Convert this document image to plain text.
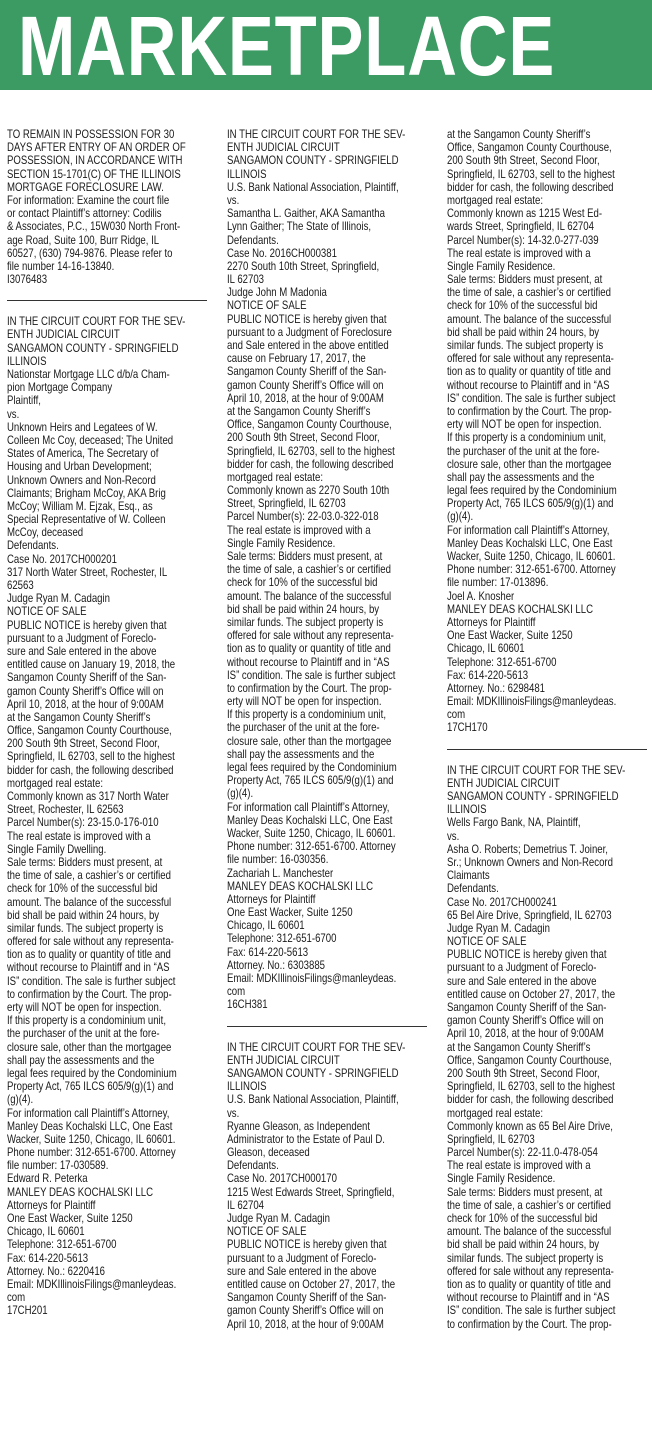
MARKETPLACE
TO REMAIN IN POSSESSION FOR 30
DAYS AFTER ENTRY OF AN ORDER OF
POSSESSION, IN ACCORDANCE WITH
SECTION 15-1701(C) OF THE ILLINOIS
MORTGAGE FORECLOSURE LAW.
For information: Examine the court file
or contact Plaintiff’s attorney: Codilis
& Associates, P.C., 15W030 North Front-
age Road, Suite 100, Burr Ridge, IL
60527, (630) 794-9876. Please refer to
file number 14-16-13840.
I3076483
IN THE CIRCUIT COURT FOR THE SEV-
ENTH JUDICIAL CIRCUIT
SANGAMON COUNTY - SPRINGFIELD
ILLINOIS
Nationstar Mortgage LLC d/b/a Cham-
pion Mortgage Company
Plaintiff,
vs.
Unknown Heirs and Legatees of W.
Colleen Mc Coy, deceased; The United
States of America, The Secretary of
Housing and Urban Development;
Unknown Owners and Non-Record
Claimants; Brigham McCoy, AKA Brig
McCoy; William M. Ejzak, Esq., as
Special Representative of W. Colleen
McCoy, deceased
Defendants.
Case No. 2017CH000201
317 North Water Street, Rochester, IL
62563
Judge Ryan M. Cadagin
NOTICE OF SALE
PUBLIC NOTICE is hereby given that
pursuant to a Judgment of Foreclo-
sure and Sale entered in the above
entitled cause on January 19, 2018, the
Sangamon County Sheriff of the San-
gamon County Sheriff’s Office will on
April 10, 2018, at the hour of 9:00AM
at the Sangamon County Sheriff’s
Office, Sangamon County Courthouse,
200 South 9th Street, Second Floor,
Springfield, IL 62703, sell to the highest
bidder for cash, the following described
mortgaged real estate:
Commonly known as 317 North Water
Street, Rochester, IL 62563
Parcel Number(s): 23-15.0-176-010
The real estate is improved with a
Single Family Dwelling.
Sale terms: Bidders must present, at
the time of sale, a cashier’s or certified
check for 10% of the successful bid
amount. The balance of the successful
bid shall be paid within 24 hours, by
similar funds. The subject property is
offered for sale without any representa-
tion as to quality or quantity of title and
without recourse to Plaintiff and in “AS
IS” condition. The sale is further subject
to confirmation by the Court. The prop-
erty will NOT be open for inspection.
If this property is a condominium unit,
the purchaser of the unit at the fore-
closure sale, other than the mortgagee
shall pay the assessments and the
legal fees required by the Condominium
Property Act, 765 ILCS 605/9(g)(1) and
(g)(4).
For information call Plaintiff’s Attorney,
Manley Deas Kochalski LLC, One East
Wacker, Suite 1250, Chicago, IL 60601.
Phone number: 312-651-6700. Attorney
file number: 17-030589.
Edward R. Peterka
MANLEY DEAS KOCHALSKI LLC
Attorneys for Plaintiff
One East Wacker, Suite 1250
Chicago, IL 60601
Telephone: 312-651-6700
Fax: 614-220-5613
Attorney. No.: 6220416
Email: MDKIllinoisFilings@manleydeas.
com
17CH201
IN THE CIRCUIT COURT FOR THE SEV-
ENTH JUDICIAL CIRCUIT
SANGAMON COUNTY - SPRINGFIELD
ILLINOIS
U.S. Bank National Association, Plaintiff,
vs.
Samantha L. Gaither, AKA Samantha
Lynn Gaither; The State of Illinois,
Defendants.
Case No. 2016CH000381
2270 South 10th Street, Springfield,
IL 62703
Judge John M Madonia
NOTICE OF SALE
PUBLIC NOTICE is hereby given that
pursuant to a Judgment of Foreclosure
and Sale entered in the above entitled
cause on February 17, 2017, the
Sangamon County Sheriff of the San-
gamon County Sheriff’s Office will on
April 10, 2018, at the hour of 9:00AM
at the Sangamon County Sheriff’s
Office, Sangamon County Courthouse,
200 South 9th Street, Second Floor,
Springfield, IL 62703, sell to the highest
bidder for cash, the following described
mortgaged real estate:
Commonly known as 2270 South 10th
Street, Springfield, IL 62703
Parcel Number(s): 22-03.0-322-018
The real estate is improved with a
Single Family Residence.
Sale terms: Bidders must present, at
the time of sale, a cashier’s or certified
check for 10% of the successful bid
amount. The balance of the successful
bid shall be paid within 24 hours, by
similar funds. The subject property is
offered for sale without any representa-
tion as to quality or quantity of title and
without recourse to Plaintiff and in “AS
IS” condition. The sale is further subject
to confirmation by the Court. The prop-
erty will NOT be open for inspection.
If this property is a condominium unit,
the purchaser of the unit at the fore-
closure sale, other than the mortgagee
shall pay the assessments and the
legal fees required by the Condominium
Property Act, 765 ILCS 605/9(g)(1) and
(g)(4).
For information call Plaintiff’s Attorney,
Manley Deas Kochalski LLC, One East
Wacker, Suite 1250, Chicago, IL 60601.
Phone number: 312-651-6700. Attorney
file number: 16-030356.
Zachariah L. Manchester
MANLEY DEAS KOCHALSKI LLC
Attorneys for Plaintiff
One East Wacker, Suite 1250
Chicago, IL 60601
Telephone: 312-651-6700
Fax: 614-220-5613
Attorney. No.: 6303885
Email: MDKIllinoisFilings@manleydeas.
com
16CH381
IN THE CIRCUIT COURT FOR THE SEV-
ENTH JUDICIAL CIRCUIT
SANGAMON COUNTY - SPRINGFIELD
ILLINOIS
U.S. Bank National Association, Plaintiff,
vs.
Ryanne Gleason, as Independent
Administrator to the Estate of Paul D.
Gleason, deceased
Defendants.
Case No. 2017CH000170
1215 West Edwards Street, Springfield,
IL 62704
Judge Ryan M. Cadagin
NOTICE OF SALE
PUBLIC NOTICE is hereby given that
pursuant to a Judgment of Foreclo-
sure and Sale entered in the above
entitled cause on October 27, 2017, the
Sangamon County Sheriff of the San-
gamon County Sheriff’s Office will on
April 10, 2018, at the hour of 9:00AM
at the Sangamon County Sheriff’s
Office, Sangamon County Courthouse,
200 South 9th Street, Second Floor,
Springfield, IL 62703, sell to the highest
bidder for cash, the following described
mortgaged real estate:
Commonly known as 1215 West Ed-
wards Street, Springfield, IL 62704
Parcel Number(s): 14-32.0-277-039
The real estate is improved with a
Single Family Residence.
Sale terms: Bidders must present, at
the time of sale, a cashier’s or certified
check for 10% of the successful bid
amount. The balance of the successful
bid shall be paid within 24 hours, by
similar funds. The subject property is
offered for sale without any representa-
tion as to quality or quantity of title and
without recourse to Plaintiff and in “AS
IS” condition. The sale is further subject
to confirmation by the Court. The prop-
erty will NOT be open for inspection.
If this property is a condominium unit,
the purchaser of the unit at the fore-
closure sale, other than the mortgagee
shall pay the assessments and the
legal fees required by the Condominium
Property Act, 765 ILCS 605/9(g)(1) and
(g)(4).
For information call Plaintiff’s Attorney,
Manley Deas Kochalski LLC, One East
Wacker, Suite 1250, Chicago, IL 60601.
Phone number: 312-651-6700. Attorney
file number: 17-013896.
Joel A. Knosher
MANLEY DEAS KOCHALSKI LLC
Attorneys for Plaintiff
One East Wacker, Suite 1250
Chicago, IL 60601
Telephone: 312-651-6700
Fax: 614-220-5613
Attorney. No.: 6298481
Email: MDKIllinoisFilings@manleydeas.
com
17CH170
IN THE CIRCUIT COURT FOR THE SEV-
ENTH JUDICIAL CIRCUIT
SANGAMON COUNTY - SPRINGFIELD
ILLINOIS
Wells Fargo Bank, NA, Plaintiff,
vs.
Asha O. Roberts; Demetrius T. Joiner,
Sr.; Unknown Owners and Non-Record
Claimants
Defendants.
Case No. 2017CH000241
65 Bel Aire Drive, Springfield, IL 62703
Judge Ryan M. Cadagin
NOTICE OF SALE
PUBLIC NOTICE is hereby given that
pursuant to a Judgment of Foreclo-
sure and Sale entered in the above
entitled cause on October 27, 2017, the
Sangamon County Sheriff of the San-
gamon County Sheriff’s Office will on
April 10, 2018, at the hour of 9:00AM
at the Sangamon County Sheriff’s
Office, Sangamon County Courthouse,
200 South 9th Street, Second Floor,
Springfield, IL 62703, sell to the highest
bidder for cash, the following described
mortgaged real estate:
Commonly known as 65 Bel Aire Drive,
Springfield, IL 62703
Parcel Number(s): 22-11.0-478-054
The real estate is improved with a
Single Family Residence.
Sale terms: Bidders must present, at
the time of sale, a cashier’s or certified
check for 10% of the successful bid
amount. The balance of the successful
bid shall be paid within 24 hours, by
similar funds. The subject property is
offered for sale without any representa-
tion as to quality or quantity of title and
without recourse to Plaintiff and in “AS
IS” condition. The sale is further subject
to confirmation by the Court. The prop-
